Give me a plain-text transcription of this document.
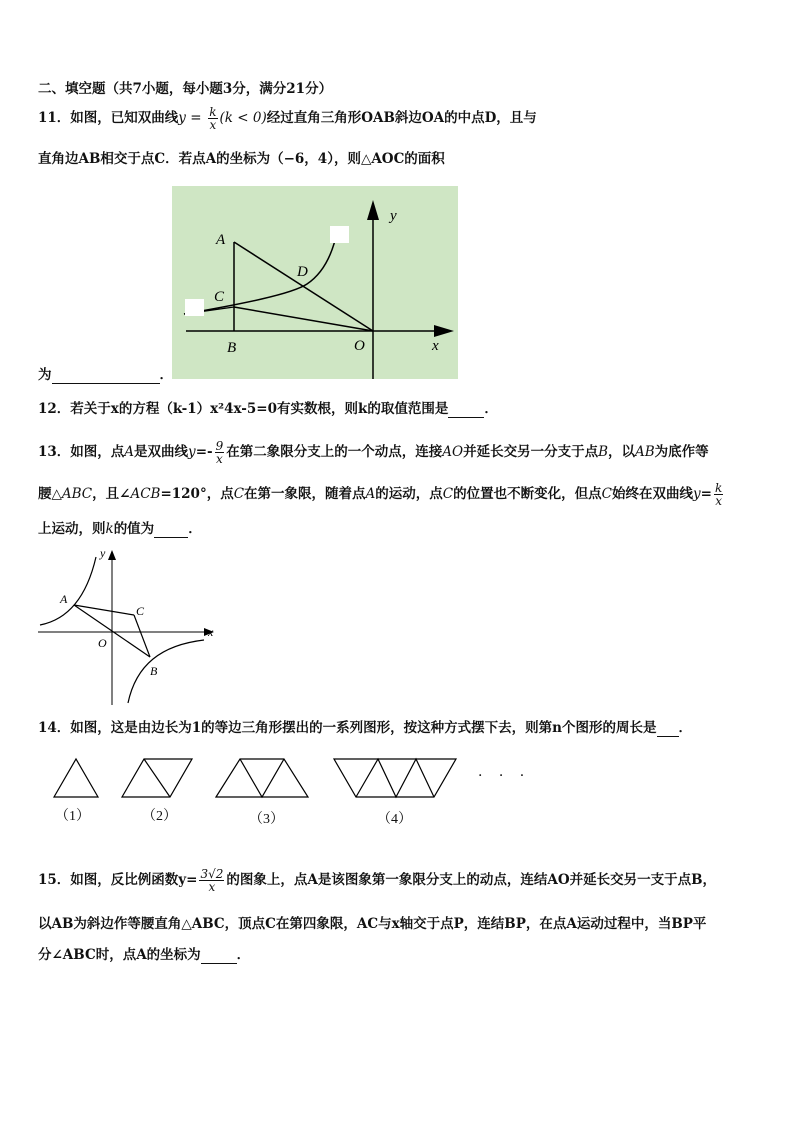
二、填空题（共7小题，每小题3分，满分21分）
11．如图，已知双曲线$y = \frac{k}{x} (k < 0)$经过直角三角形OAB斜边OA的中点D，且与
直角边AB相交于点C．若点A的坐标为（−6，4），则△AOC的面积
A
C
D
B	O	x
y
为	．
12．若关于x的方程（k-1）x²4x-5=0有实数根，则k的取值范围是	．
13．如图，点A是双曲线$y=- \frac{9}{x}$ 在第二象限分支上的一个动点，连接AO并延长交另一分支于点B，以AB为底作等
腰△ABC，且∠ACB=120°，点C在第一象限，随着点A的运动，点C的位置也不断变化，但点C始终在双曲线$y= \frac{k}{x}$
上运动，则k的值为	．
y
A
C
O
x
B
14．如图，这是由边长为1的等边三角形摆出的一系列图形，按这种方式摆下去，则第n个图形的周长是 ．
（1）	（2）	（3）	（4）
· · ·
15．如图，反比例函数$y= \frac{3√2}{x}$ 的图象上，点A是该图象第一象限分支上的动点，连结AO并延长交另一支于点B，
以AB为斜边作等腰直角△ABC，顶点C在第四象限，AC与x轴交于点P，连结BP，在点A运动过程中，当BP平
分∠ABC时，点A的坐标为	．
